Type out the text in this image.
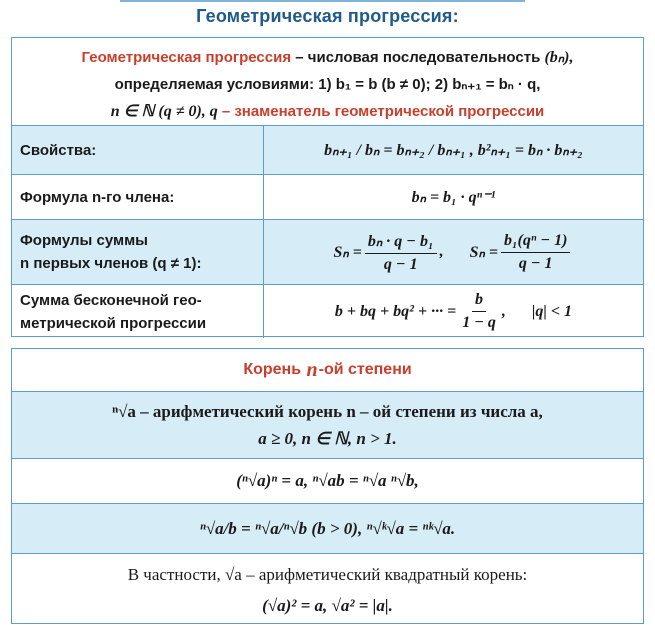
Геометрическая прогрессия:
Геометрическая прогрессия – числовая последовательность (bₙ),
определяемая условиями: 1) b₁ = b (b ≠ 0); 2) bₙ₊₁ = bₙ · q,
n ∈ ℕ (q ≠ 0), q – знаменатель геометрической прогрессии
Свойства:	bₙ₊₁ / bₙ = bₙ₊₂ / bₙ₊₁ , b²ₙ₊₁ = bₙ · bₙ₊₂
Формула n-го члена:	bₙ = b₁ · qⁿ⁻¹
Формулы суммы
n первых членов (q ≠ 1):
$S_n = \frac{\text{bₙ · q − b₁}}{q - 1}$ , $S_n = \frac{\text{b₁(qⁿ − 1)}}{q - 1}$
Сумма бесконечной гео-
метрической прогрессии
b + bq + bq² + ··· = $\frac{b}{1 - q}$ , |q| < 1
Корень
n -ой степени
ⁿ√a – арифметический корень n – ой степени из числа a,
a ≥ 0, n ∈ ℕ, n > 1.
(ⁿ√a)ⁿ = a, ⁿ√ab = ⁿ√a ⁿ√b,
ⁿ√a/b = ⁿ√a/ⁿ√b (b > 0), ⁿ√ᵏ√a = ⁿᵏ√a.
В частности, √a – арифметический квадратный корень:
(√a)² = a, √a² = |a|.
